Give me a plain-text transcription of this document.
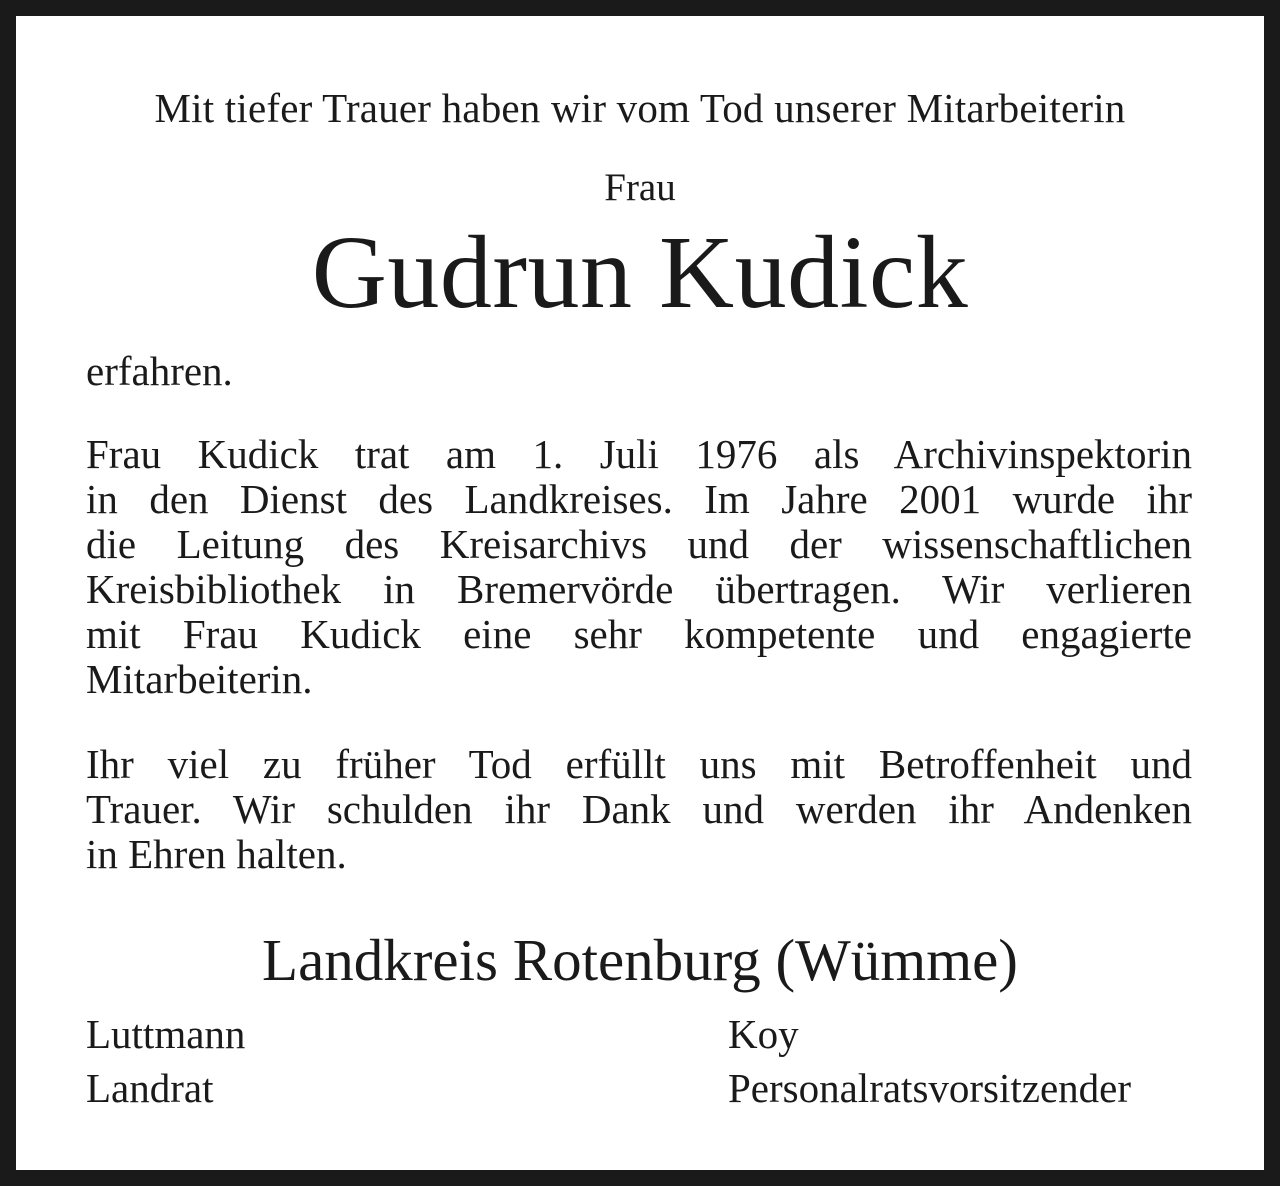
Mit tiefer Trauer haben wir vom Tod unserer Mitarbeiterin

Frau

Gudrun Kudick

erfahren.

Frau Kudick trat am 1. Juli 1976 als Archivinspektorin
in den Dienst des Landkreises. Im Jahre 2001 wurde ihr
die Leitung des Kreisarchivs und der wissenschaftlichen
Kreisbibliothek in Bremervörde übertragen. Wir verlieren
mit Frau Kudick eine sehr kompetente und engagierte
Mitarbeiterin.
Ihr viel zu früher Tod erfüllt uns mit Betroffenheit und
Trauer. Wir schulden ihr Dank und werden ihr Andenken
in Ehren halten.

Landkreis Rotenburg (Wümme)

Luttmann
Landrat
Koy
Personalratsvorsitzender
